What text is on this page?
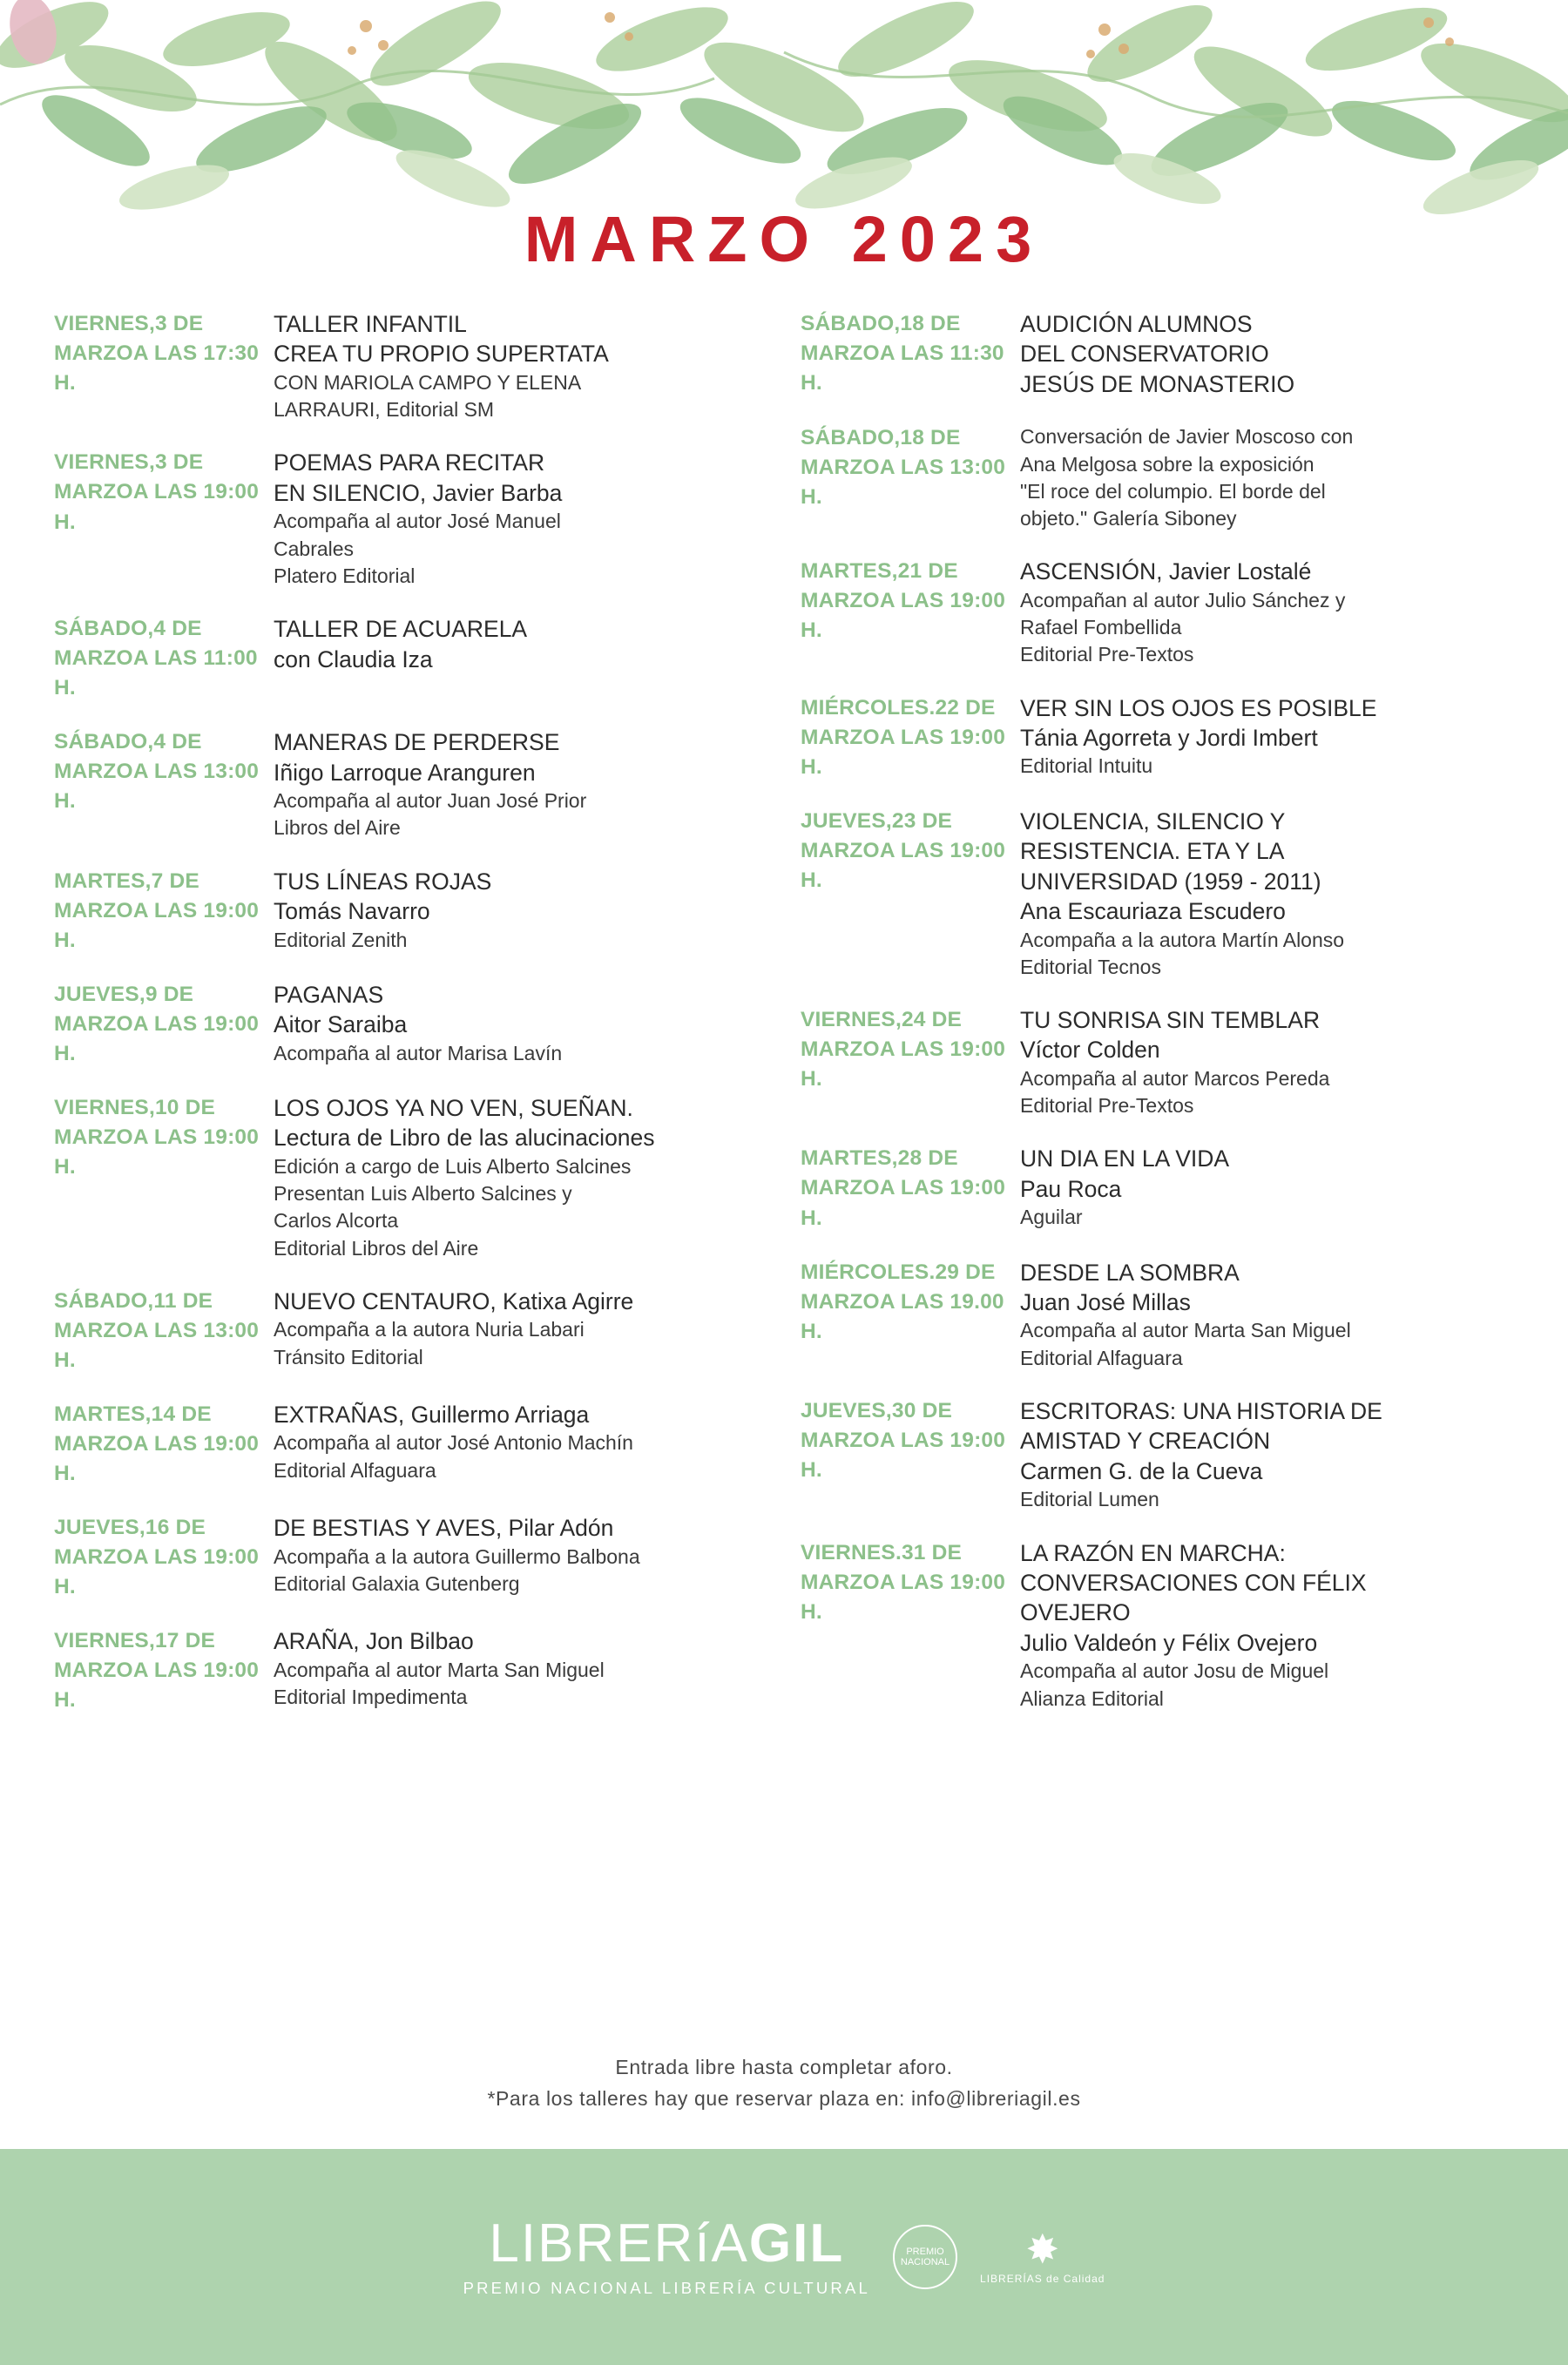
MARZO 2023
VIERNES,3 DE MARZOA LAS 17:30 H.
TALLER INFANTIL
CREA TU PROPIO SUPERTATA
CON MARIOLA CAMPO Y ELENA
LARRAURI, Editorial SM
VIERNES,3 DE MARZOA LAS 19:00 H.
POEMAS PARA RECITAR
EN SILENCIO, Javier Barba
Acompaña al autor José Manuel
Cabrales
Platero Editorial
SÁBADO,4 DE MARZOA LAS 11:00 H.
TALLER DE ACUARELA
con Claudia Iza
SÁBADO,4 DE MARZOA LAS 13:00 H.
MANERAS DE PERDERSE
Iñigo Larroque Aranguren
Acompaña al autor Juan José Prior
Libros del Aire
MARTES,7 DE MARZOA LAS 19:00 H.
TUS LÍNEAS ROJAS
Tomás Navarro
Editorial Zenith
JUEVES,9 DE MARZOA LAS 19:00 H.
PAGANAS
Aitor Saraiba
Acompaña al autor Marisa Lavín
VIERNES,10 DE MARZOA LAS 19:00 H.
LOS OJOS YA NO VEN, SUEÑAN.
Lectura de Libro de las alucinaciones
Edición a cargo de Luis Alberto Salcines
Presentan Luis Alberto Salcines y
Carlos Alcorta
Editorial Libros del Aire
SÁBADO,11 DE MARZOA LAS 13:00 H.
NUEVO CENTAURO, Katixa Agirre
Acompaña a la autora Nuria Labari
Tránsito Editorial
MARTES,14 DE MARZOA LAS 19:00 H.
EXTRAÑAS, Guillermo Arriaga
Acompaña al autor José Antonio Machín
Editorial Alfaguara
JUEVES,16 DE MARZOA LAS 19:00 H.
DE BESTIAS Y AVES, Pilar Adón
Acompaña a la autora Guillermo Balbona
Editorial Galaxia Gutenberg
VIERNES,17 DE MARZOA LAS 19:00 H.
ARAÑA, Jon Bilbao
Acompaña al autor Marta San Miguel
Editorial Impedimenta
SÁBADO,18 DE MARZOA LAS 11:30 H.
AUDICIÓN ALUMNOS
DEL CONSERVATORIO
JESÚS DE MONASTERIO
SÁBADO,18 DE MARZOA LAS 13:00 H.
Conversación de Javier Moscoso con
Ana Melgosa sobre la exposición
"El roce del columpio. El borde del
objeto." Galería Siboney
MARTES,21 DE MARZOA LAS 19:00 H.
ASCENSIÓN, Javier Lostalé
Acompañan al autor Julio Sánchez y
Rafael Fombellida
Editorial Pre-Textos
MIÉRCOLES.22 DE MARZOA LAS 19:00 H.
VER SIN LOS OJOS ES POSIBLE
Tánia Agorreta y Jordi Imbert
Editorial Intuitu
JUEVES,23 DE MARZOA LAS 19:00 H.
VIOLENCIA, SILENCIO Y
RESISTENCIA. ETA Y LA
UNIVERSIDAD (1959 - 2011)
Ana Escauriaza Escudero
Acompaña a la autora Martín Alonso
Editorial Tecnos
VIERNES,24 DE MARZOA LAS 19:00 H.
TU SONRISA SIN TEMBLAR
Víctor Colden
Acompaña al autor Marcos Pereda
Editorial Pre-Textos
MARTES,28 DE MARZOA LAS 19:00 H.
UN DIA EN LA VIDA
Pau Roca
Aguilar
MIÉRCOLES.29 DE MARZOA LAS 19.00 H.
DESDE LA SOMBRA
Juan José Millas
Acompaña al autor Marta San Miguel
Editorial Alfaguara
JUEVES,30 DE MARZOA LAS 19:00 H.
ESCRITORAS: UNA HISTORIA DE
AMISTAD Y CREACIÓN
Carmen G. de la Cueva
Editorial Lumen
VIERNES.31 DE MARZOA LAS 19:00 H.
LA RAZÓN EN MARCHA:
CONVERSACIONES CON FÉLIX
OVEJERO
Julio Valdeón y Félix Ovejero
Acompaña al autor Josu de Miguel
Alianza Editorial
Entrada libre hasta completar aforo.
*Para los talleres hay que reservar plaza en: info@libreriagil.es
LIBRERíAGIL
PREMIO NACIONAL LIBRERÍA CULTURAL
PREMIO NACIONAL	✸
LIBRERÍAS de Calidad
